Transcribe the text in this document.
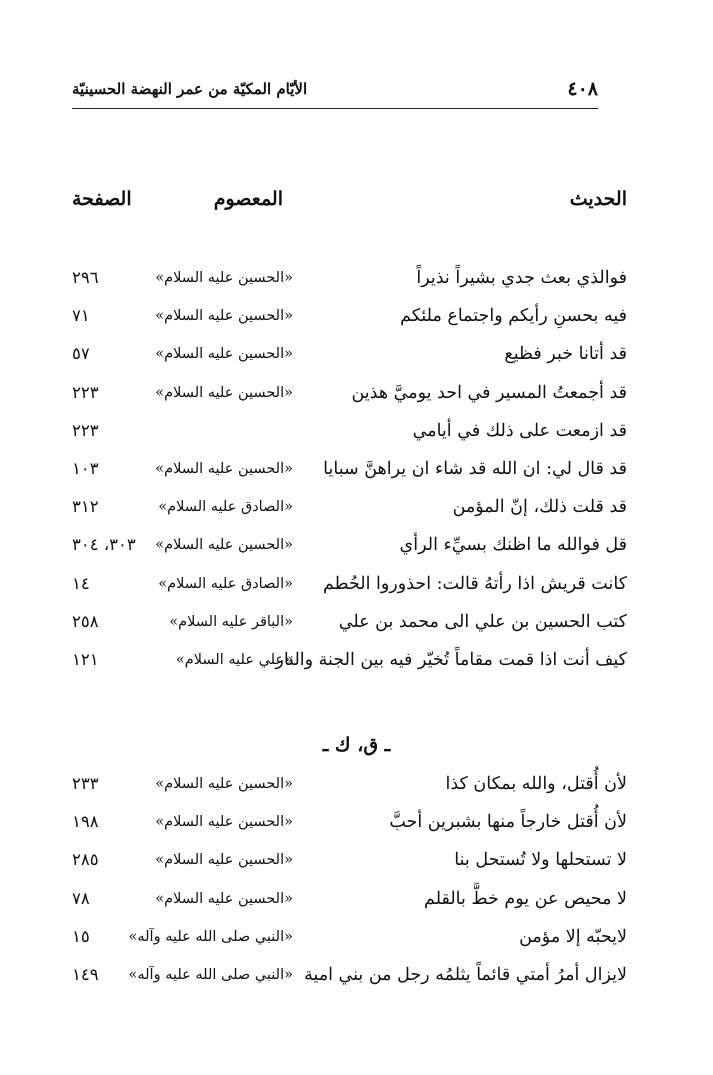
٤٠٨
الأيّام المكيّة من عمر النهضة الحسينيّة
الحديث
المعصوم
الصفحة
فوالذي بعث جدي بشيراً نذيراً
«الحسين عليه السلام»
٢٩٦
فيه بحسنِ رأيكم واجتماع ملئكم
«الحسين عليه السلام»
٧١
قد أتانا خبر فظيع
«الحسين عليه السلام»
٥٧
قد أجمعتُ المسير في احد يوميَّ هذين
«الحسين عليه السلام»
٢٢٣
قد ازمعت على ذلك في أيامي
٢٢٣
قد قال لي: ان الله قد شاء ان يراهنَّ سبايا
«الحسين عليه السلام»
١٠٣
قد قلت ذلك، إنّ المؤمن
«الصادق عليه السلام»
٣١٢
قل فوالله ما اظنك بسيِّء الرأي
«الحسين عليه السلام»
٣٠٣، ٣٠٤
كانت قريش اذا رأتهُ قالت: احذوروا الحُطم
«الصادق عليه السلام»
١٤
كتب الحسين بن علي الى محمد بن علي
«الباقر عليه السلام»
٢٥٨
كيف أنت اذا قمت مقاماً تُخيّر فيه بين الجنة والنار
«علي عليه السلام»
١٢١
ـ ق، ك ـ
لأن أُقتل، والله بمكان كذا
«الحسين عليه السلام»
٢٣٣
لأن أُقتل خارجاً منها بشبرين أحبَّ
«الحسين عليه السلام»
١٩٨
لا تستحلها ولا تُستحل بنا
«الحسين عليه السلام»
٢٨٥
لا محيص عن يوم خطَّ بالقلم
«الحسين عليه السلام»
٧٨
لايحبّه إلا مؤمن
«النبي صلى الله عليه وآله»
١٥
لايزال أمرُ أمتي قائماً يثلمُه رجل من بني امية
«النبي صلى الله عليه وآله»
١٤٩
